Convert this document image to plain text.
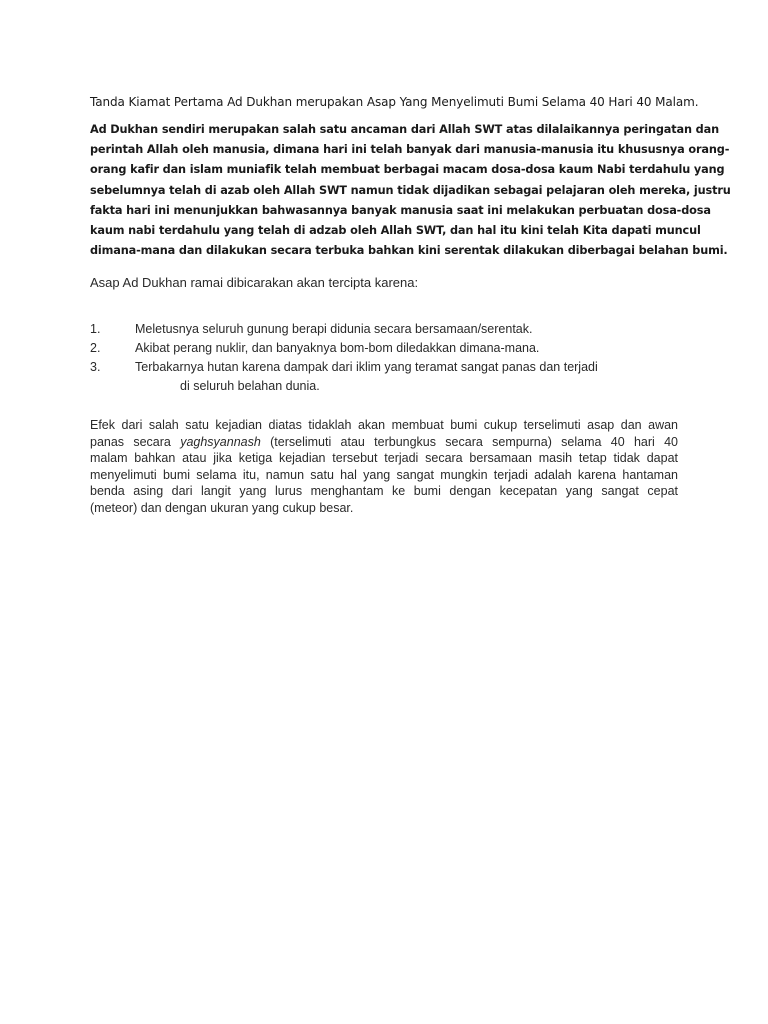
Tanda Kiamat Pertama Ad Dukhan merupakan Asap Yang Menyelimuti Bumi Selama 40 Hari 40 Malam.

Ad Dukhan sendiri merupakan salah satu ancaman dari Allah SWT atas dilalaikannya peringatan dan
perintah Allah oleh manusia, dimana hari ini telah banyak dari manusia-manusia itu khususnya orang-
orang kafir dan islam muniafik telah membuat berbagai macam dosa-dosa kaum Nabi terdahulu yang
sebelumnya telah di azab oleh Allah SWT namun tidak dijadikan sebagai pelajaran oleh mereka, justru
fakta hari ini menunjukkan bahwasannya banyak manusia saat ini melakukan perbuatan dosa-dosa
kaum nabi terdahulu yang telah di adzab oleh Allah SWT, dan hal itu kini telah Kita dapati muncul
dimana-mana dan dilakukan secara terbuka bahkan kini serentak dilakukan diberbagai belahan bumi.

Asap Ad Dukhan ramai dibicarakan akan tercipta karena:

1.	Meletusnya seluruh gunung berapi didunia secara bersamaan/serentak.
2.	Akibat perang nuklir, dan banyaknya bom-bom diledakkan dimana-mana.
3.	Terbakarnya hutan karena dampak dari iklim yang teramat sangat panas dan terjadi
di seluruh belahan dunia.

Efek dari salah satu kejadian diatas tidaklah akan membuat bumi cukup terselimuti asap dan awan
panas secara yaghsyannash (terselimuti atau terbungkus secara sempurna) selama 40 hari 40
malam bahkan atau jika ketiga kejadian tersebut terjadi secara bersamaan masih tetap tidak dapat
menyelimuti bumi selama itu, namun satu hal yang sangat mungkin terjadi adalah karena hantaman
benda asing dari langit yang lurus menghantam ke bumi dengan kecepatan yang sangat cepat
(meteor) dan dengan ukuran yang cukup besar.
